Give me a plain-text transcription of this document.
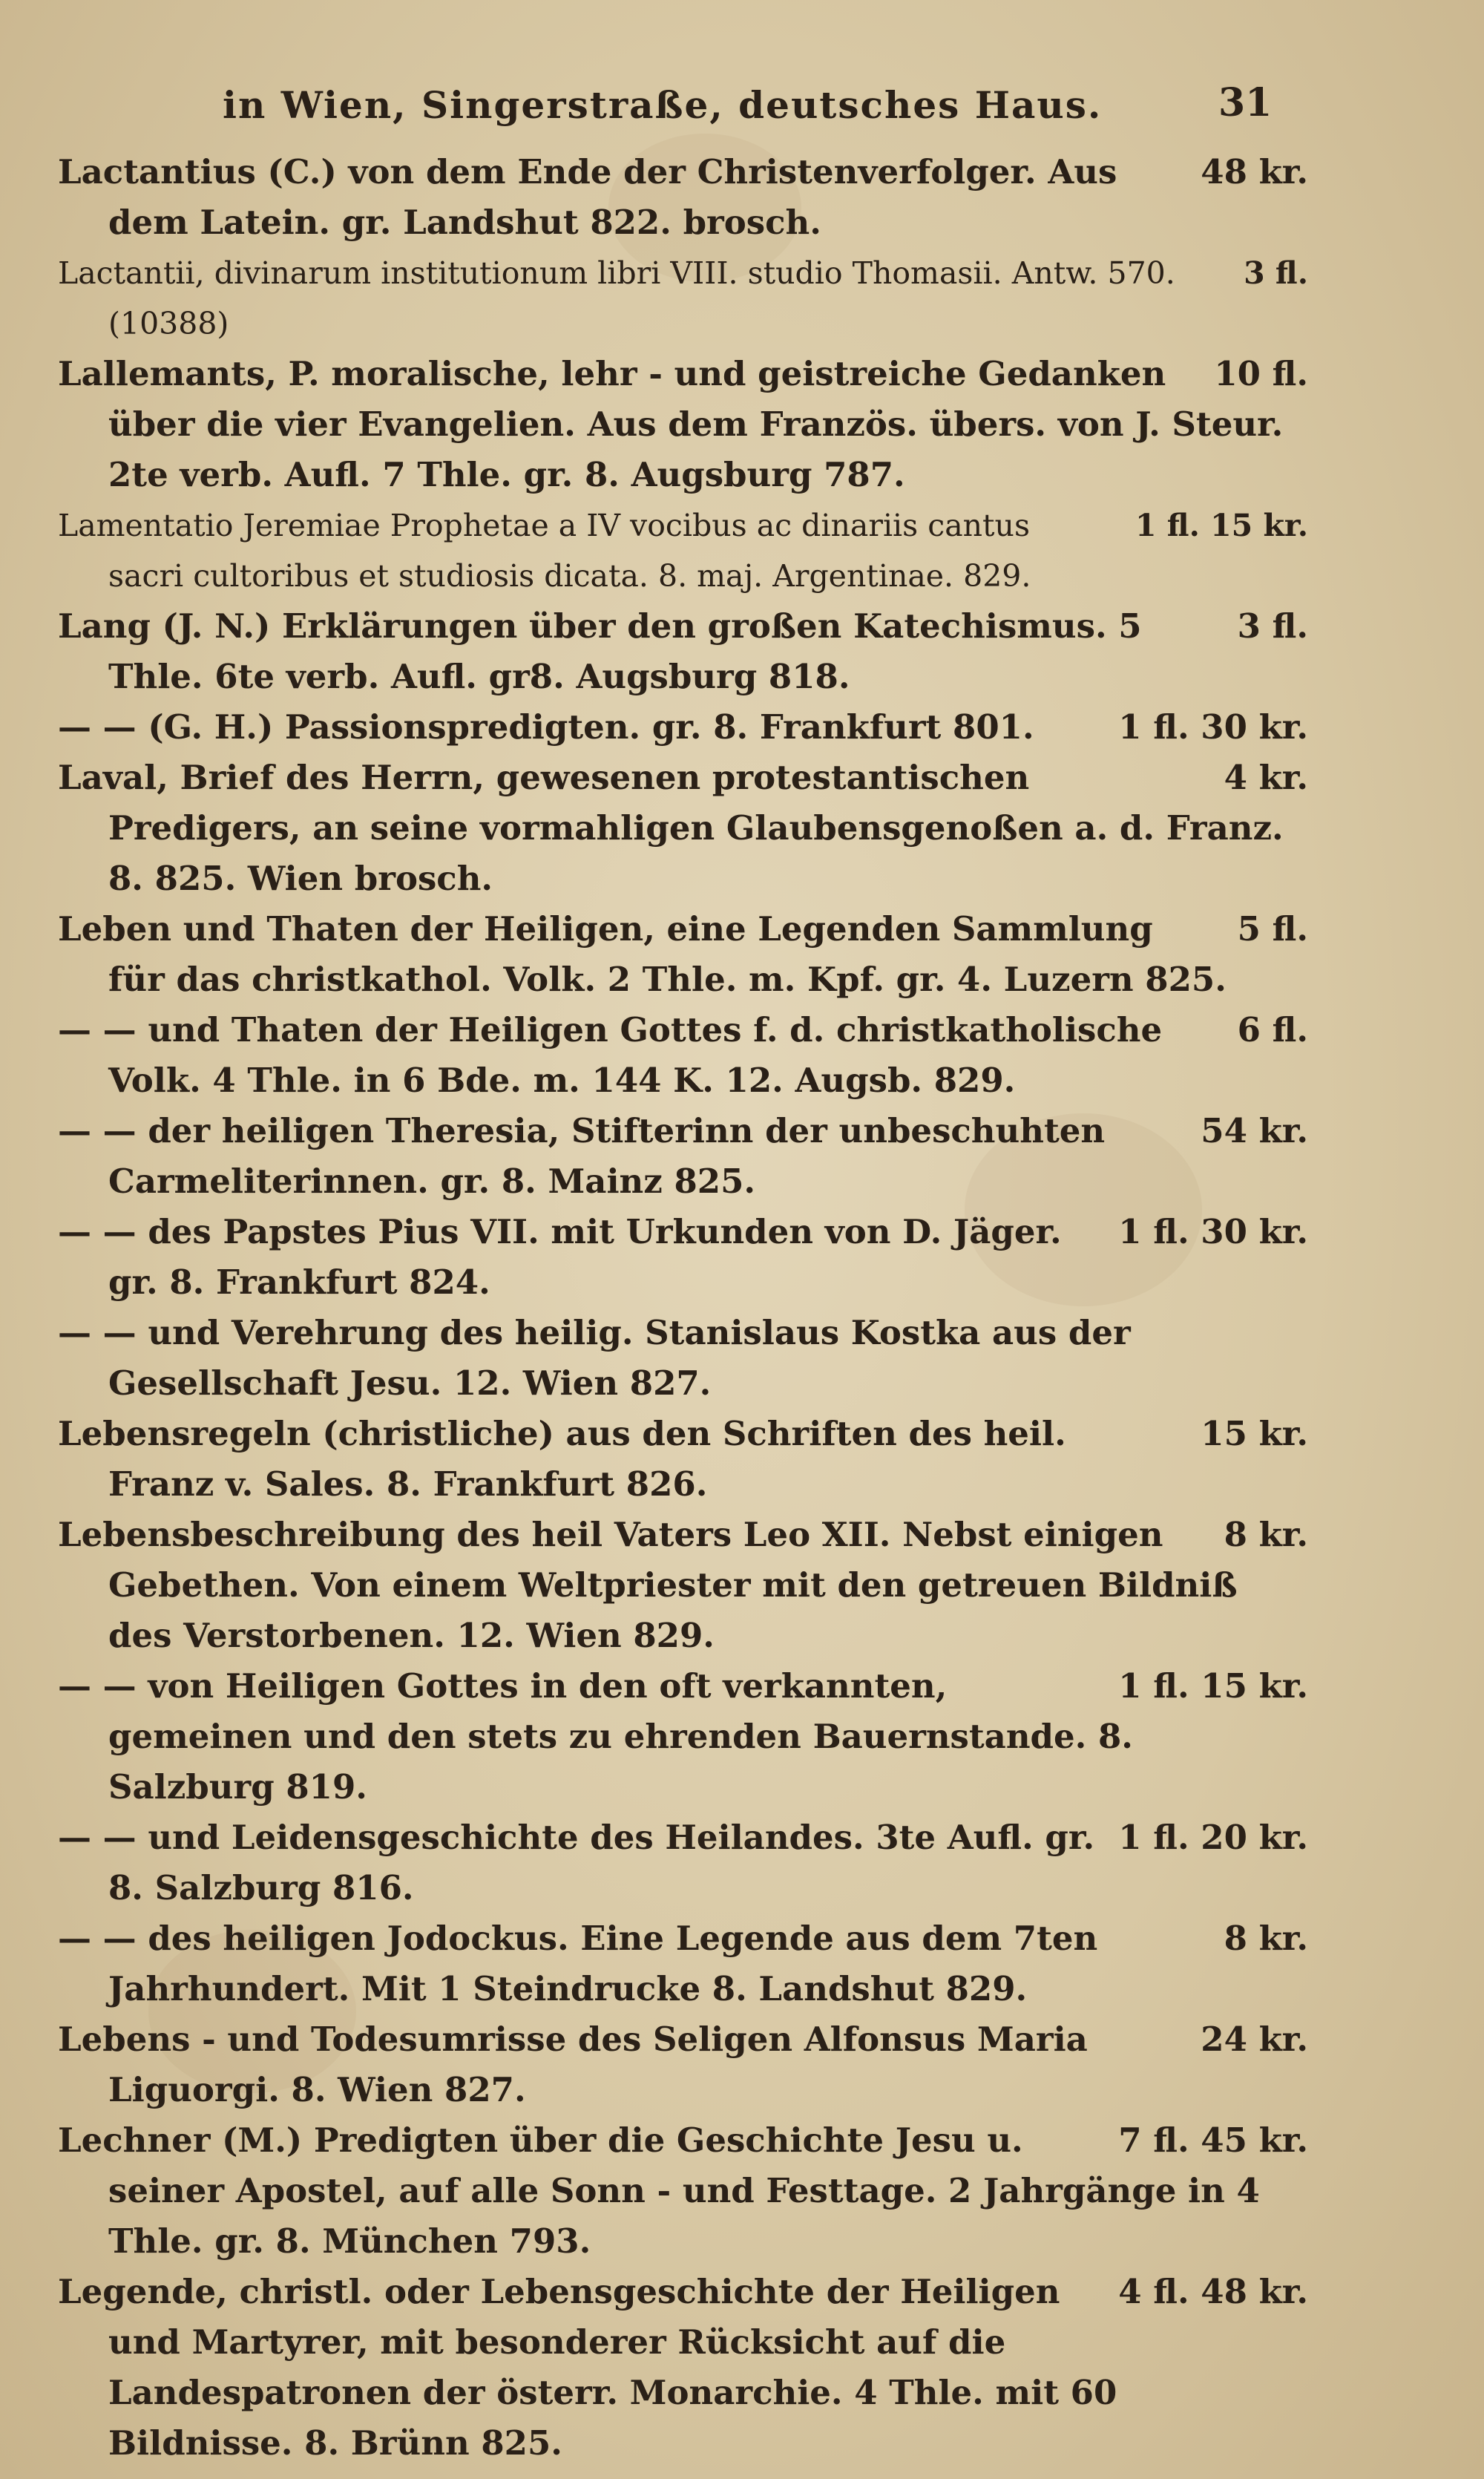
in Wien, Singerstraße, deutsches Haus.	31
48 kr.
Lactantius (C.) von dem Ende der Christenverfolger. Aus dem Latein. gr. Landshut 822. brosch.
3 fl.
Lactantii, divinarum institutionum libri VIII. studio Thomasii. Antw. 570. (10388)
10 fl.
Lallemants, P. moralische, lehr - und geistreiche Gedanken über die vier Evangelien. Aus dem Französ. übers. von J. Steur. 2te verb. Aufl. 7 Thle. gr. 8. Augsburg 787.
1 fl. 15 kr.
Lamentatio Jeremiae Prophetae a IV vocibus ac dinariis cantus sacri cultoribus et studiosis dicata. 8. maj. Argentinae. 829.
3 fl.
Lang (J. N.) Erklärungen über den großen Katechismus. 5 Thle. 6te verb. Aufl. gr8. Augsburg 818.
1 fl. 30 kr.
— — (G. H.) Passionspredigten. gr. 8. Frankfurt 801.
4 kr.
Laval, Brief des Herrn, gewesenen protestantischen Predigers, an seine vormahligen Glaubensgenoßen a. d. Franz. 8. 825. Wien brosch.
5 fl.
Leben und Thaten der Heiligen, eine Legenden Sammlung für das christkathol. Volk. 2 Thle. m. Kpf. gr. 4. Luzern 825.
6 fl.
— — und Thaten der Heiligen Gottes f. d. christkatholische Volk. 4 Thle. in 6 Bde. m. 144 K. 12. Augsb. 829.
54 kr.
— — der heiligen Theresia, Stifterinn der unbeschuhten Carmeliterinnen. gr. 8. Mainz 825.
1 fl. 30 kr.
— — des Papstes Pius VII. mit Urkunden von D. Jäger. gr. 8. Frankfurt 824.
— — und Verehrung des heilig. Stanislaus Kostka aus der Gesellschaft Jesu. 12. Wien 827.
15 kr.
Lebensregeln (christliche) aus den Schriften des heil. Franz v. Sales. 8. Frankfurt 826.
8 kr.
Lebensbeschreibung des heil Vaters Leo XII. Nebst einigen Gebethen. Von einem Weltpriester mit den getreuen Bildniß des Verstorbenen. 12. Wien 829.
1 fl. 15 kr.
— — von Heiligen Gottes in den oft verkannten, gemeinen und den stets zu ehrenden Bauernstande. 8. Salzburg 819.
1 fl. 20 kr.
— — und Leidensgeschichte des Heilandes. 3te Aufl. gr. 8. Salzburg 816.
8 kr.
— — des heiligen Jodockus. Eine Legende aus dem 7ten Jahrhundert. Mit 1 Steindrucke 8. Landshut 829.
24 kr.
Lebens - und Todesumrisse des Seligen Alfonsus Maria Liguorgi. 8. Wien 827.
7 fl. 45 kr.
Lechner (M.) Predigten über die Geschichte Jesu u. seiner Apostel, auf alle Sonn - und Festtage. 2 Jahrgänge in 4 Thle. gr. 8. München 793.
4 fl. 48 kr.
Legende, christl. oder Lebensgeschichte der Heiligen und Martyrer, mit besonderer Rücksicht auf die Landespatronen der österr. Monarchie. 4 Thle. mit 60 Bildnisse. 8. Brünn 825.
